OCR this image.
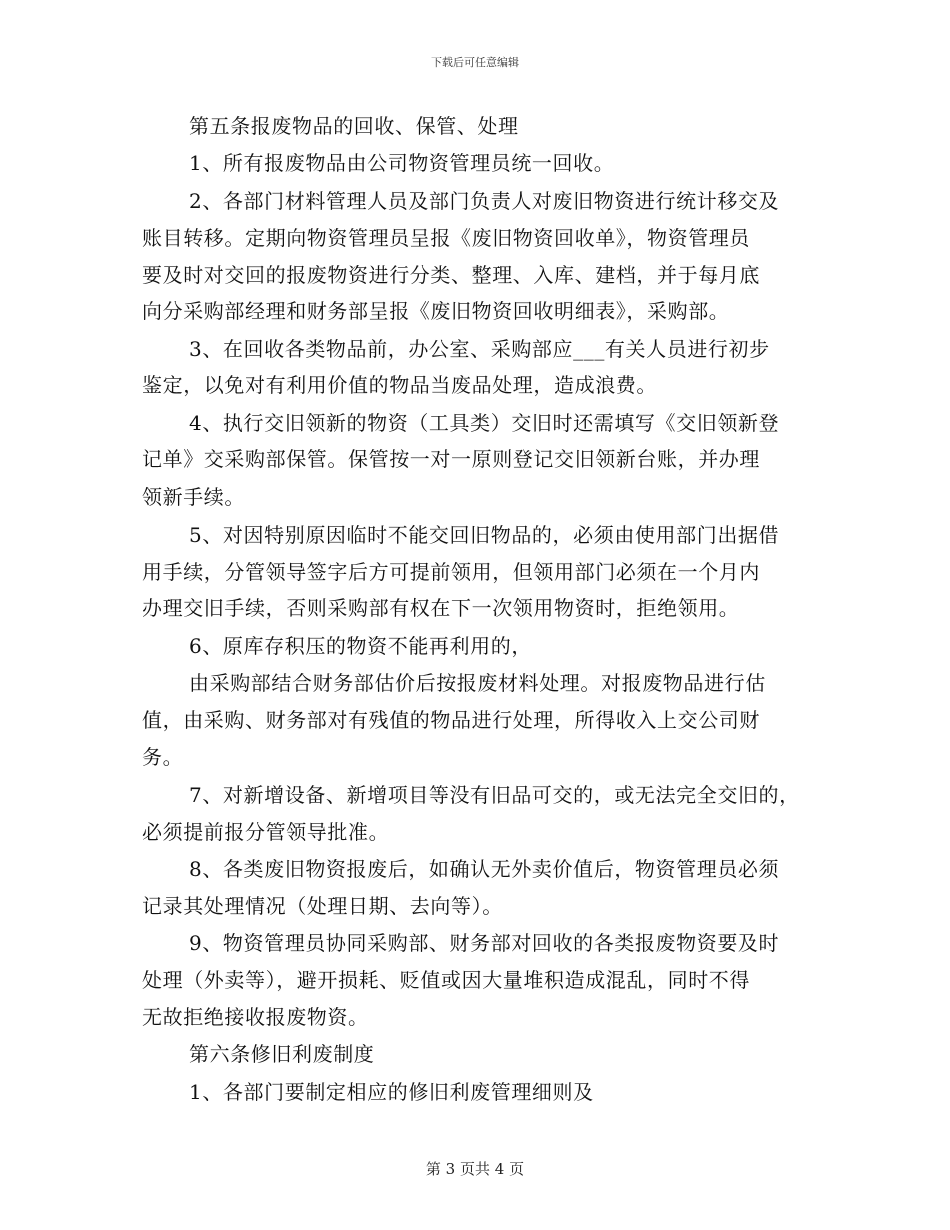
下载后可任意编辑
第五条报废物品的回收、保管、处理
1、所有报废物品由公司物资管理员统一回收。
2、各部门材料管理人员及部门负责人对废旧物资进行统计移交及
账目转移。定期向物资管理员呈报《废旧物资回收单》，物资管理员
要及时对交回的报废物资进行分类、整理、入库、建档，并于每月底
向分采购部经理和财务部呈报《废旧物资回收明细表》，采购部。
3、在回收各类物品前，办公室、采购部应___有关人员进行初步
鉴定，以免对有利用价值的物品当废品处理，造成浪费。
4、执行交旧领新的物资（工具类）交旧时还需填写《交旧领新登
记单》交采购部保管。保管按一对一原则登记交旧领新台账，并办理
领新手续。
5、对因特别原因临时不能交回旧物品的，必须由使用部门出据借
用手续，分管领导签字后方可提前领用，但领用部门必须在一个月内
办理交旧手续，否则采购部有权在下一次领用物资时，拒绝领用。
6、原库存积压的物资不能再利用的，
由采购部结合财务部估价后按报废材料处理。对报废物品进行估
值，由采购、财务部对有残值的物品进行处理，所得收入上交公司财
务。
7、对新增设备、新增项目等没有旧品可交的，或无法完全交旧的，
必须提前报分管领导批准。
8、各类废旧物资报废后，如确认无外卖价值后，物资管理员必须
记录其处理情况（处理日期、去向等）。
9、物资管理员协同采购部、财务部对回收的各类报废物资要及时
处理（外卖等），避开损耗、贬值或因大量堆积造成混乱，同时不得
无故拒绝接收报废物资。
第六条修旧利废制度
1、各部门要制定相应的修旧利废管理细则及
第 3 页共 4 页
